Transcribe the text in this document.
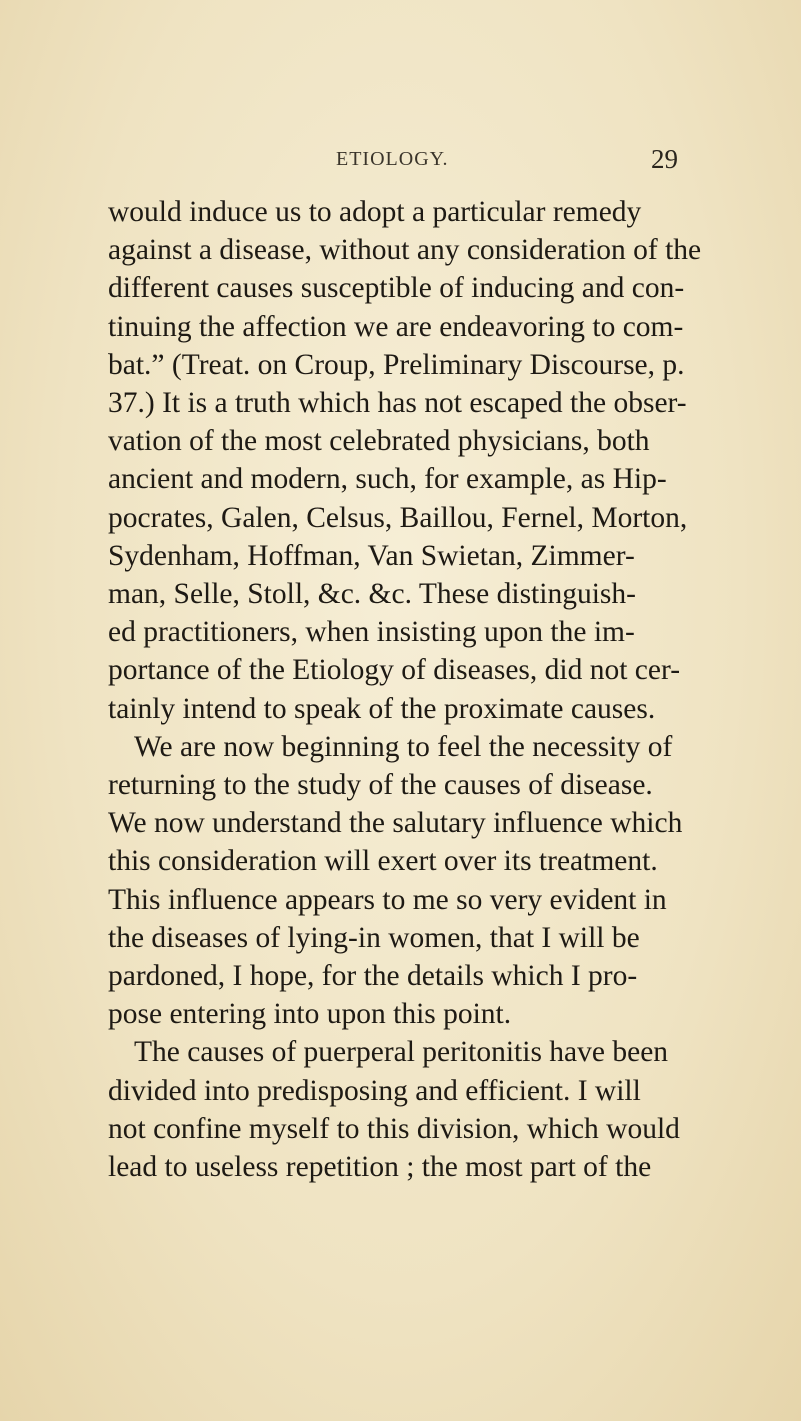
ETIOLOGY.	29
would induce us to adopt a particular remedy
against a disease, without any consideration of the
different causes susceptible of inducing and con-
tinuing the affection we are endeavoring to com-
bat.” (Treat. on Croup, Preliminary Discourse, p.
37.) It is a truth which has not escaped the obser-
vation of the most celebrated physicians, both
ancient and modern, such, for example, as Hip-
pocrates, Galen, Celsus, Baillou, Fernel, Morton,
Sydenham, Hoffman, Van Swietan, Zimmer-
man, Selle, Stoll, &c. &c. These distinguish-
ed practitioners, when insisting upon the im-
portance of the Etiology of diseases, did not cer-
tainly intend to speak of the proximate causes.
We are now beginning to feel the necessity of
returning to the study of the causes of disease.
We now understand the salutary influence which
this consideration will exert over its treatment.
This influence appears to me so very evident in
the diseases of lying-in women, that I will be
pardoned, I hope, for the details which I pro-
pose entering into upon this point.
The causes of puerperal peritonitis have been
divided into predisposing and efficient. I will
not confine myself to this division, which would
lead to useless repetition ; the most part of the
